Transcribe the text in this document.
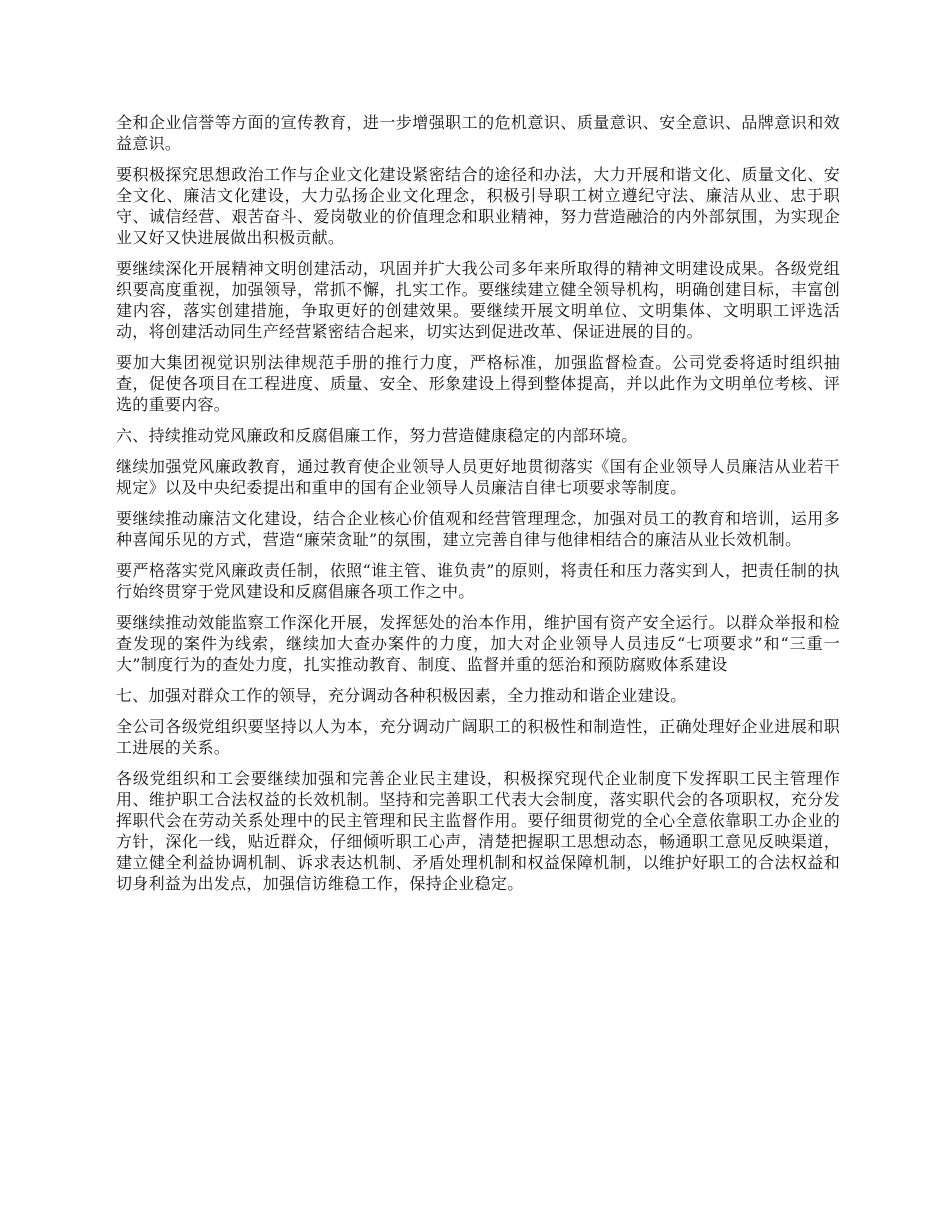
全和企业信誉等方面的宣传教育，进一步增强职工的危机意识、质量意识、安全意识、品牌意识和效益意识。

要积极探究思想政治工作与企业文化建设紧密结合的途径和办法，大力开展和谐文化、质量文化、安全文化、廉洁文化建设，大力弘扬企业文化理念，积极引导职工树立遵纪守法、廉洁从业、忠于职守、诚信经营、艰苦奋斗、爱岗敬业的价值理念和职业精神，努力营造融洽的内外部氛围，为实现企业又好又快进展做出积极贡献。

要继续深化开展精神文明创建活动，巩固并扩大我公司多年来所取得的精神文明建设成果。各级党组织要高度重视，加强领导，常抓不懈，扎实工作。要继续建立健全领导机构，明确创建目标，丰富创建内容，落实创建措施，争取更好的创建效果。要继续开展文明单位、文明集体、文明职工评选活动，将创建活动同生产经营紧密结合起来，切实达到促进改革、保证进展的目的。

要加大集团视觉识别法律规范手册的推行力度，严格标准，加强监督检查。公司党委将适时组织抽查，促使各项目在工程进度、质量、安全、形象建设上得到整体提高，并以此作为文明单位考核、评选的重要内容。

六、持续推动党风廉政和反腐倡廉工作，努力营造健康稳定的内部环境。

继续加强党风廉政教育，通过教育使企业领导人员更好地贯彻落实《国有企业领导人员廉洁从业若干规定》以及中央纪委提出和重申的国有企业领导人员廉洁自律七项要求等制度。

要继续推动廉洁文化建设，结合企业核心价值观和经营管理理念，加强对员工的教育和培训，运用多种喜闻乐见的方式，营造“廉荣贪耻”的氛围，建立完善自律与他律相结合的廉洁从业长效机制。

要严格落实党风廉政责任制，依照“谁主管、谁负责”的原则，将责任和压力落实到人，把责任制的执行始终贯穿于党风建设和反腐倡廉各项工作之中。

要继续推动效能监察工作深化开展，发挥惩处的治本作用，维护国有资产安全运行。以群众举报和检查发现的案件为线索，继续加大查办案件的力度，加大对企业领导人员违反“七项要求”和“三重一大”制度行为的查处力度，扎实推动教育、制度、监督并重的惩治和预防腐败体系建设

七、加强对群众工作的领导，充分调动各种积极因素，全力推动和谐企业建设。

全公司各级党组织要坚持以人为本，充分调动广阔职工的积极性和制造性，正确处理好企业进展和职工进展的关系。

各级党组织和工会要继续加强和完善企业民主建设，积极探究现代企业制度下发挥职工民主管理作用、维护职工合法权益的长效机制。坚持和完善职工代表大会制度，落实职代会的各项职权，充分发挥职代会在劳动关系处理中的民主管理和民主监督作用。要仔细贯彻党的全心全意依靠职工办企业的方针，深化一线，贴近群众，仔细倾听职工心声，清楚把握职工思想动态，畅通职工意见反映渠道，建立健全利益协调机制、诉求表达机制、矛盾处理机制和权益保障机制，以维护好职工的合法权益和切身利益为出发点，加强信访维稳工作，保持企业稳定。
